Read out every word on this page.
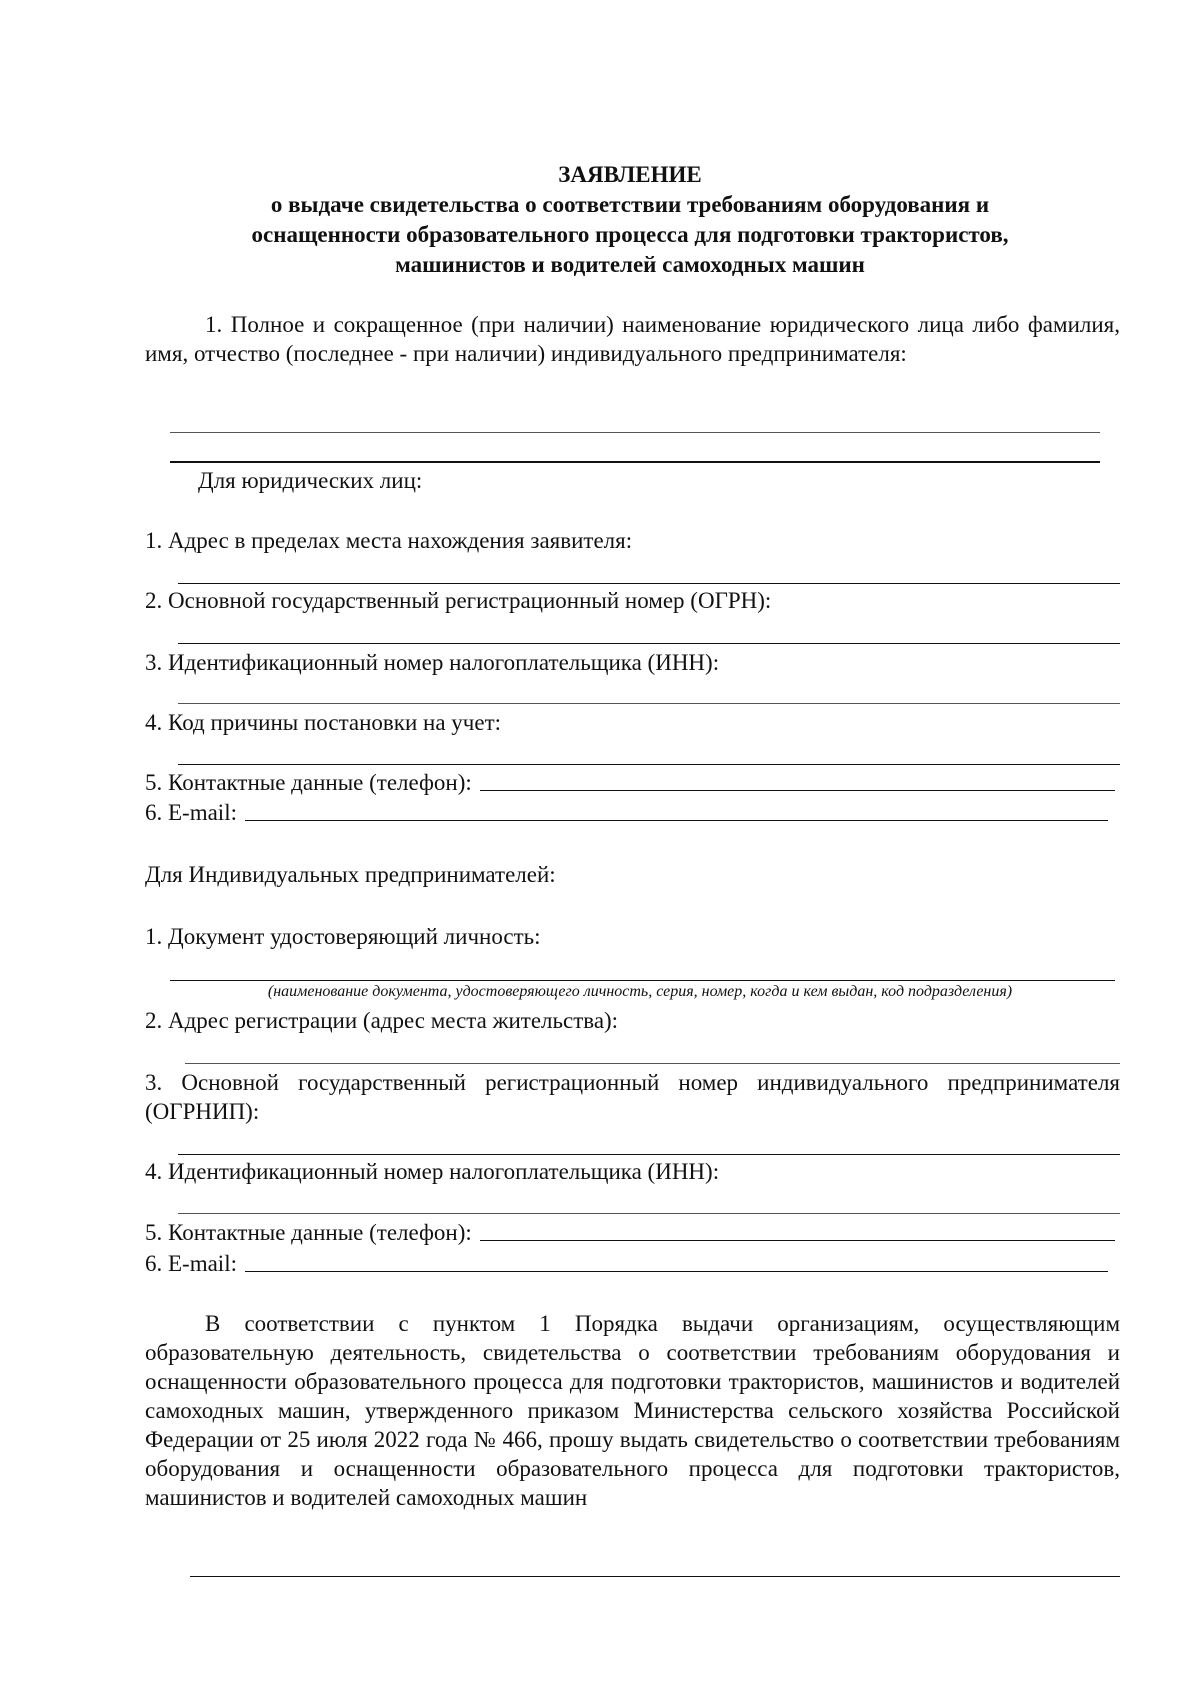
ЗАЯВЛЕНИЕ
о выдаче свидетельства о соответствии требованиям оборудования и
оснащенности образовательного процесса для подготовки трактористов,
машинистов и водителей самоходных машин
1. Полное и сокращенное (при наличии) наименование юридического лица либо фамилия, имя, отчество (последнее - при наличии) индивидуального предпринимателя:
Для юридических лиц:
1. Адрес в пределах места нахождения заявителя:
2. Основной государственный регистрационный номер (ОГРН):
3. Идентификационный номер налогоплательщика (ИНН):
4. Код причины постановки на учет:
5. Контактные данные (телефон):
6. E-mail:
Для Индивидуальных предпринимателей:
1. Документ удостоверяющий личность:
(наименование документа, удостоверяющего личность, серия, номер, когда и кем выдан, код подразделения)
2. Адрес регистрации (адрес места жительства):
3. Основной государственный регистрационный номер индивидуального предпринимателя (ОГРНИП):
4. Идентификационный номер налогоплательщика (ИНН):
5. Контактные данные (телефон):
6. E-mail:
В соответствии с пунктом 1 Порядка выдачи организациям, осуществляющим образовательную деятельность, свидетельства о соответствии требованиям оборудования и оснащенности образовательного процесса для подготовки трактористов, машинистов и водителей самоходных машин, утвержденного приказом Министерства сельского хозяйства Российской Федерации от 25 июля 2022 года № 466, прошу выдать свидетельство о соответствии требованиям оборудования и оснащенности образовательного процесса для подготовки трактористов, машинистов и водителей самоходных машин
